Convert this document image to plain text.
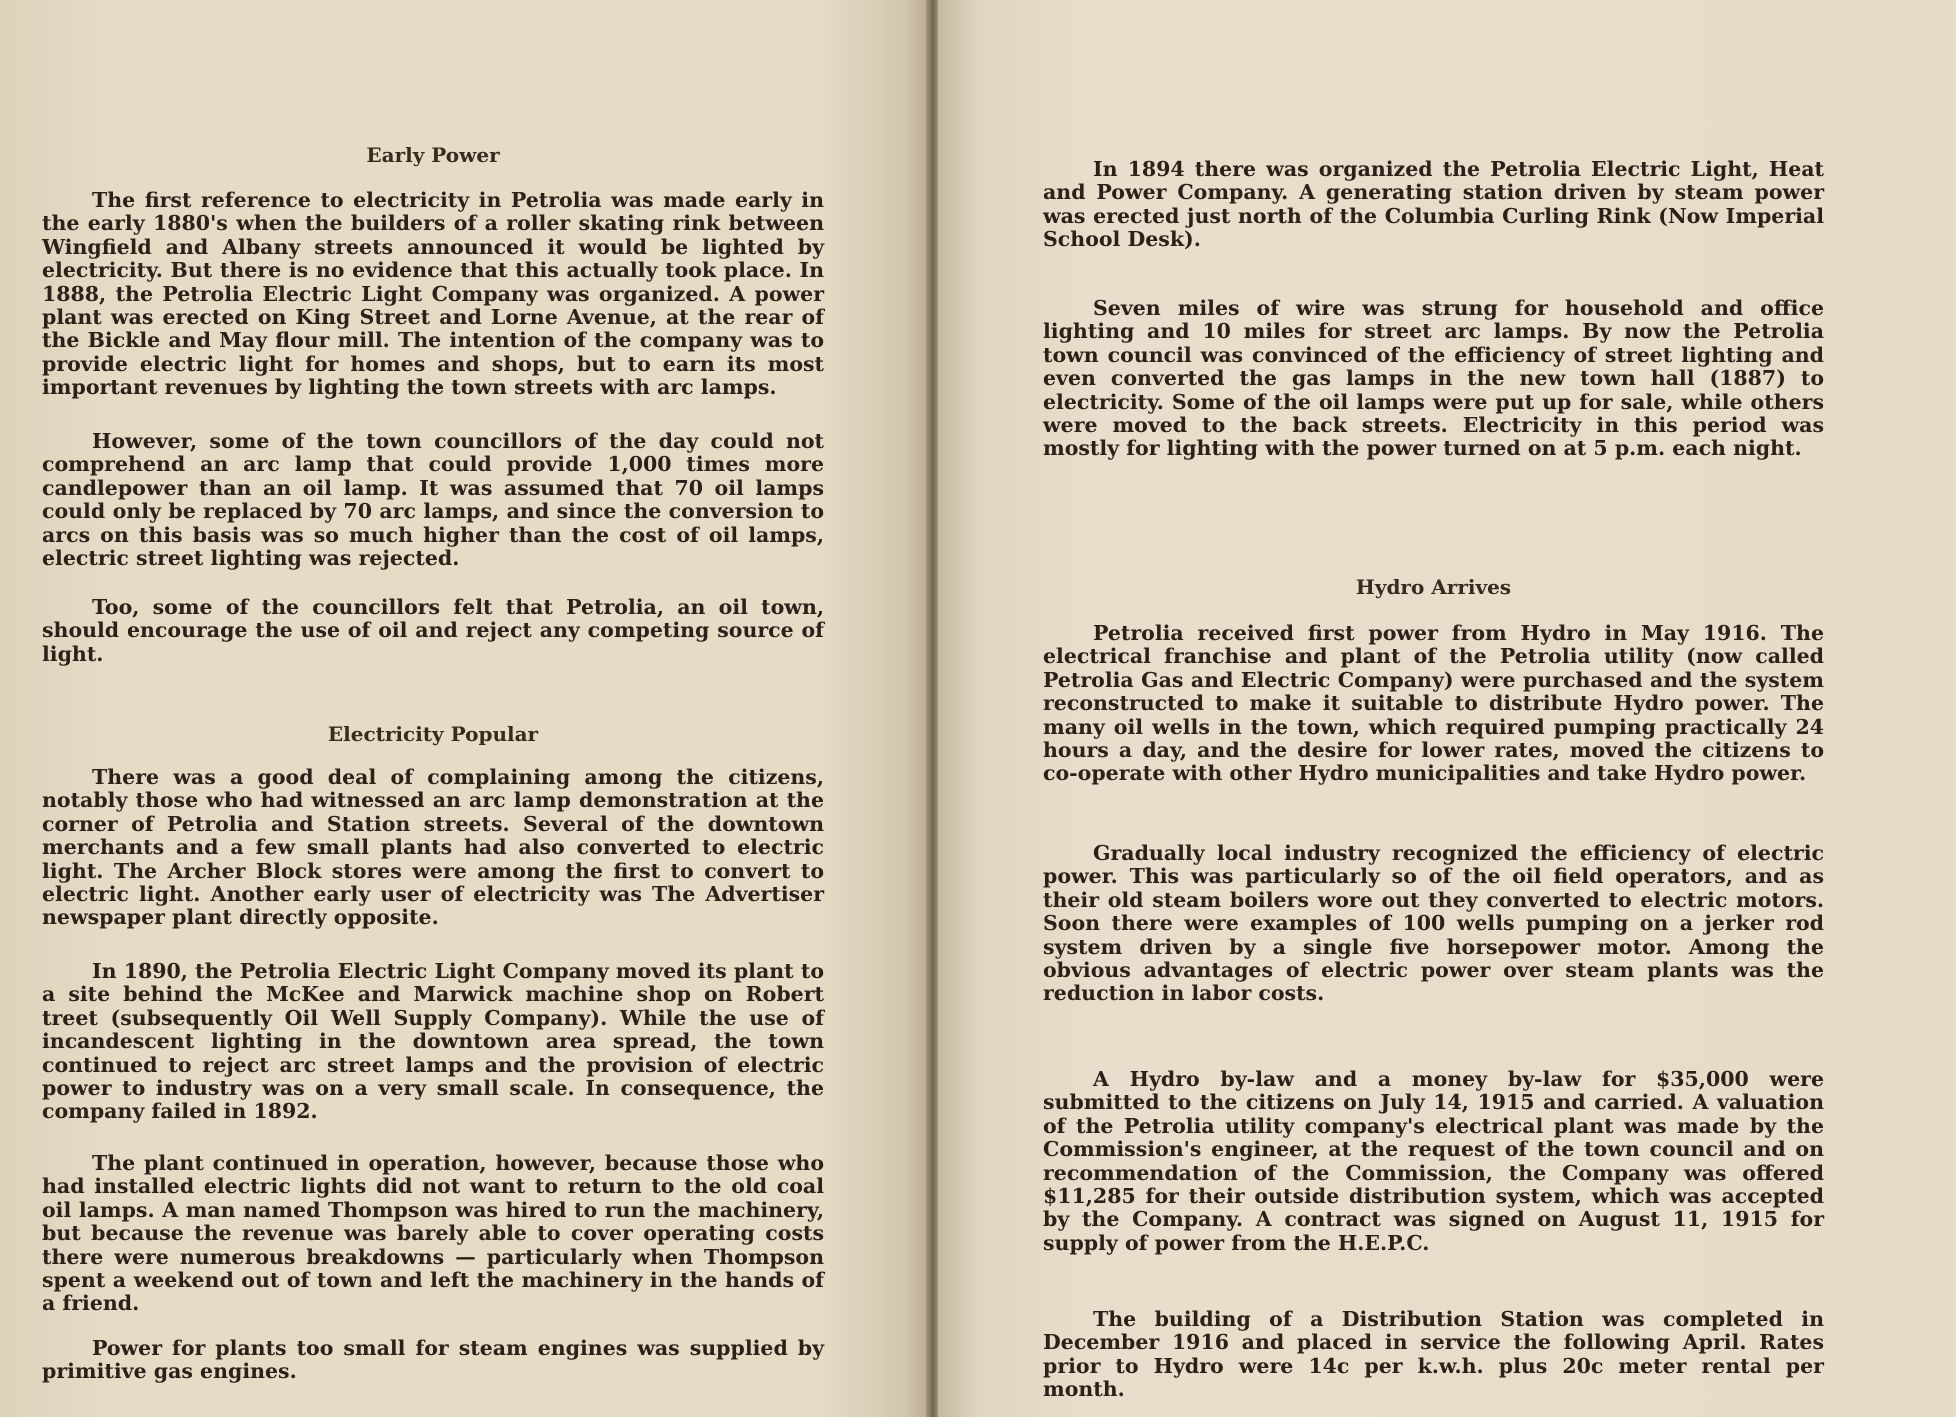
Early Power

The first reference to electricity in Petrolia was made early in the early 1880's when the builders of a roller skating rink between Wingfield and Albany streets announced it would be lighted by electricity. But there is no evidence that this actually took place. In 1888, the Petrolia Electric Light Company was organized. A power plant was erected on King Street and Lorne Avenue, at the rear of the Bickle and May flour mill. The intention of the company was to provide electric light for homes and shops, but to earn its most important revenues by lighting the town streets with arc lamps.

However, some of the town councillors of the day could not comprehend an arc lamp that could provide 1,000 times more candlepower than an oil lamp. It was assumed that 70 oil lamps could only be replaced by 70 arc lamps, and since the conversion to arcs on this basis was so much higher than the cost of oil lamps, electric street lighting was rejected.

Too, some of the councillors felt that Petrolia, an oil town, should encourage the use of oil and reject any competing source of light.

Electricity Popular

There was a good deal of complaining among the citizens, notably those who had witnessed an arc lamp demonstration at the corner of Petrolia and Station streets. Several of the downtown merchants and a few small plants had also converted to electric light. The Archer Block stores were among the first to convert to electric light. Another early user of electricity was The Advertiser newspaper plant directly opposite.

In 1890, the Petrolia Electric Light Company moved its plant to a site behind the McKee and Marwick machine shop on Robert treet (subsequently Oil Well Supply Company). While the use of incandescent lighting in the downtown area spread, the town continued to reject arc street lamps and the provision of electric power to industry was on a very small scale. In consequence, the company failed in 1892.

The plant continued in operation, however, because those who had installed electric lights did not want to return to the old coal oil lamps. A man named Thompson was hired to run the machinery, but because the revenue was barely able to cover operating costs there were numerous breakdowns — particularly when Thompson spent a weekend out of town and left the machinery in the hands of a friend.

Power for plants too small for steam engines was supplied by primitive gas engines.

In 1894 there was organized the Petrolia Electric Light, Heat and Power Company. A generating station driven by steam power was erected just north of the Columbia Curling Rink (Now Imperial School Desk).

Seven miles of wire was strung for household and office lighting and 10 miles for street arc lamps. By now the Petrolia town council was convinced of the efficiency of street lighting and even converted the gas lamps in the new town hall (1887) to electricity. Some of the oil lamps were put up for sale, while others were moved to the back streets. Electricity in this period was mostly for lighting with the power turned on at 5 p.m. each night.

Hydro Arrives

Petrolia received first power from Hydro in May 1916. The electrical franchise and plant of the Petrolia utility (now called Petrolia Gas and Electric Company) were purchased and the system reconstructed to make it suitable to distribute Hydro power. The many oil wells in the town, which required pumping practically 24 hours a day, and the desire for lower rates, moved the citizens to co-operate with other Hydro municipalities and take Hydro power.

Gradually local industry recognized the efficiency of electric power. This was particularly so of the oil field operators, and as their old steam boilers wore out they converted to electric motors. Soon there were examples of 100 wells pumping on a jerker rod system driven by a single five horsepower motor. Among the obvious advantages of electric power over steam plants was the reduction in labor costs.

A Hydro by-law and a money by-law for $35,000 were submitted to the citizens on July 14, 1915 and carried. A valuation of the Petrolia utility company's electrical plant was made by the Commission's engineer, at the request of the town council and on recommendation of the Commission, the Company was offered $11,285 for their outside distribution system, which was accepted by the Company. A contract was signed on August 11, 1915 for supply of power from the H.E.P.C.

The building of a Distribution Station was completed in December 1916 and placed in service the following April. Rates prior to Hydro were 14c per k.w.h. plus 20c meter rental per month.
